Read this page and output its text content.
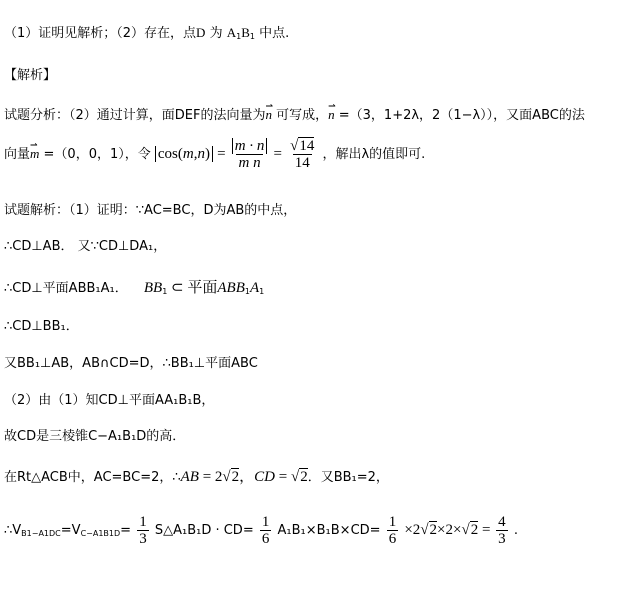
（1）证明见解析；（2）存在，点D 为 $A_1B_1$ 中点.
【解析】
试题分析：（2）通过计算，面DEF的法向量为⇀ n 可写成，⇀ n =（3，1+2λ，2（1−λ）），又面ABC的法
向量⇀ m =（0，0，1），令 $\cos(m,n) = \frac{m \cdot n}{\text{m n}} = \frac{√14}{14}$ ，解出λ的值即可.
试题解析：（1）证明：∵AC=BC，D为AB的中点，
∴CD⊥AB． 又∵CD⊥DA₁，
∴CD⊥平面ABB₁A₁． $BB_1$ ⊂ 平面$ABB_1A_1$
∴CD⊥BB₁．
又BB₁⊥AB，AB∩CD=D，∴BB₁⊥平面ABC
（2）由（1）知CD⊥平面AA₁B₁B，
故CD是三棱锥C−A₁B₁D的高．
在Rt△ACB中，AC=BC=2，∴AB = 2√2，CD = √2．又BB₁=2，
$\therefore V_{B1-A1DC}=V_{C-A1B1D}= \frac{1}{3}$ S△A₁B₁D · $CD= \frac{1}{6} A_1B_1\times B_1B\times CD= \frac{1}{6} \times 2√2\times 2\times√2 = \frac{4}{3}$ .
